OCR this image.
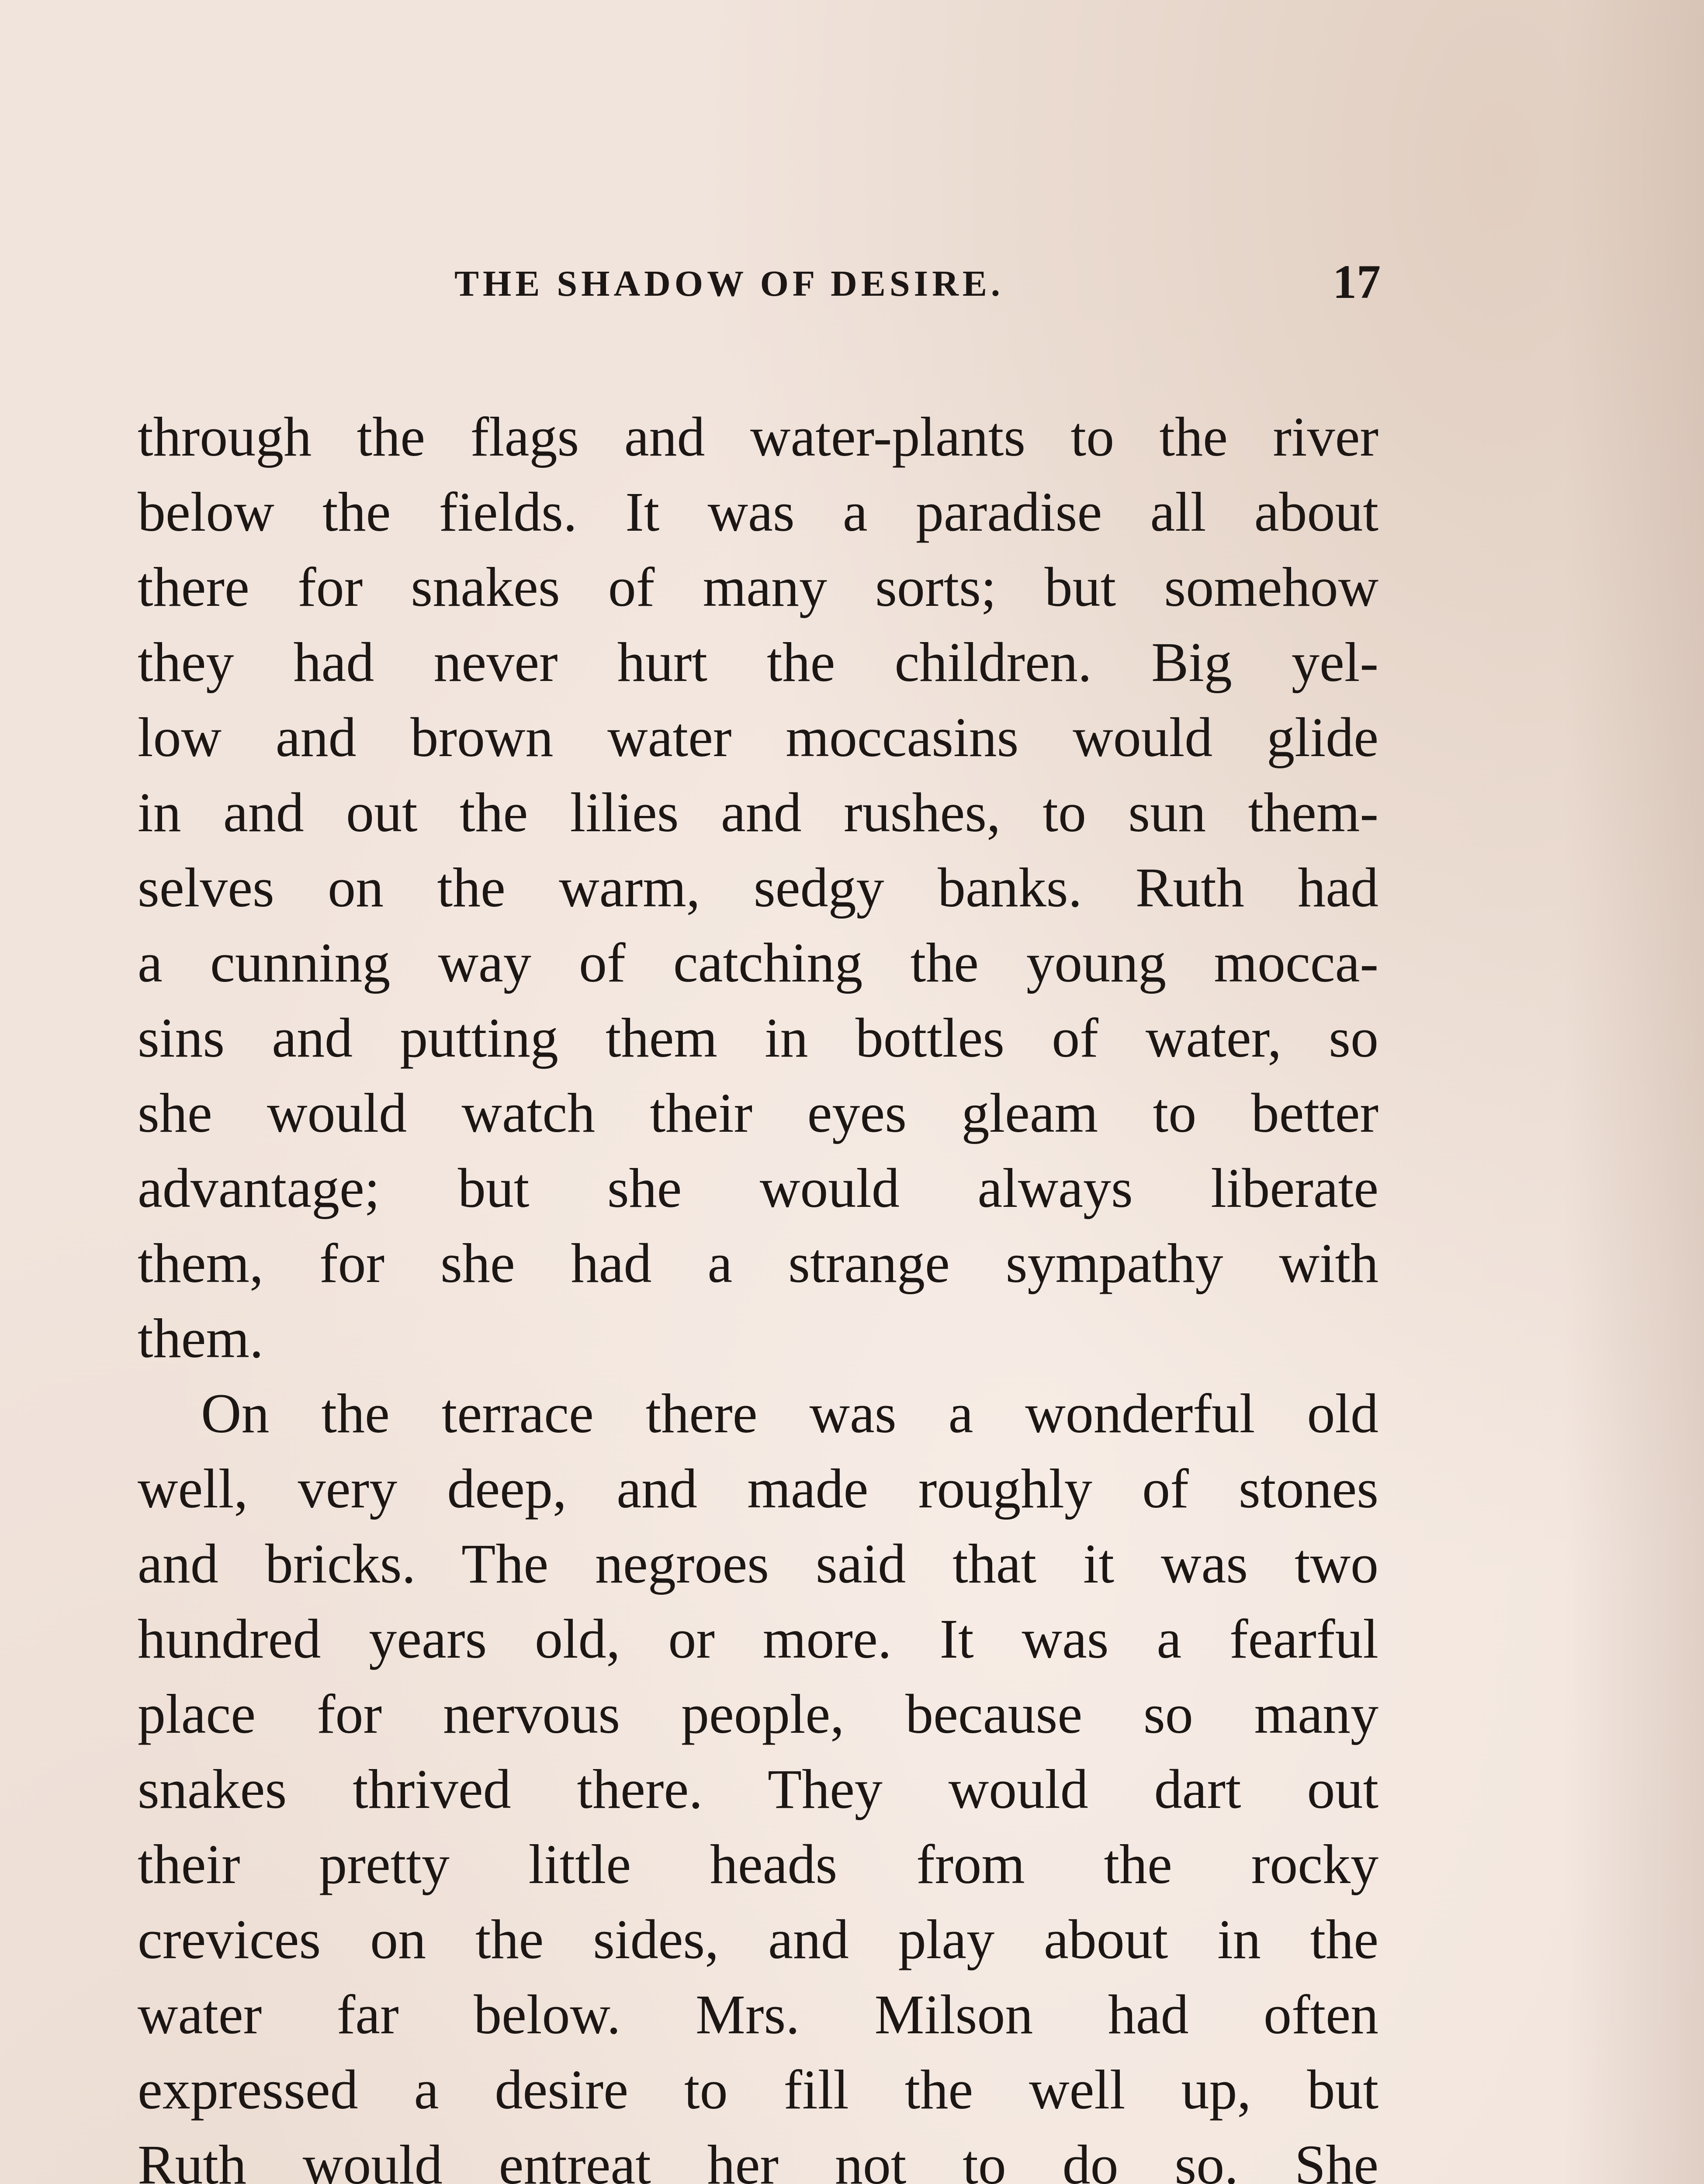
THE SHADOW OF DESIRE.	17
through the flags and water-plants to the river
below the fields. It was a paradise all about
there for snakes of many sorts; but somehow
they had never hurt the children. Big yel-
low and brown water moccasins would glide
in and out the lilies and rushes, to sun them-
selves on the warm, sedgy banks. Ruth had
a cunning way of catching the young mocca-
sins and putting them in bottles of water, so
she would watch their eyes gleam to better
advantage; but she would always liberate
them, for she had a strange sympathy with
them.
On the terrace there was a wonderful old
well, very deep, and made roughly of stones
and bricks. The negroes said that it was two
hundred years old, or more. It was a fearful
place for nervous people, because so many
snakes thrived there. They would dart out
their pretty little heads from the rocky
crevices on the sides, and play about in the
water far below. Mrs. Milson had often
expressed a desire to fill the well up, but
Ruth would entreat her not to do so. She
